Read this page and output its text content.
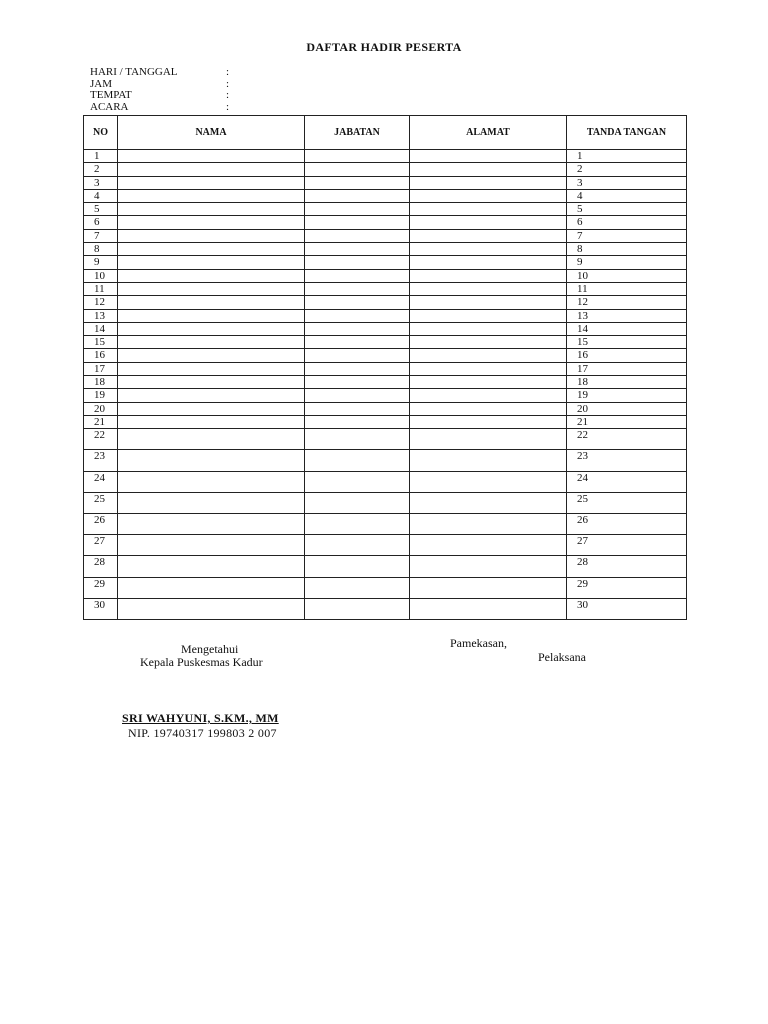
DAFTAR HADIR PESERTA
HARI / TANGGAL	:
JAM	:
TEMPAT	:
ACARA	:
NO	NAMA	JABATAN	ALAMAT	TANDA TANGAN
1				1
2				2
3				3
4				4
5				5
6				6
7				7
8				8
9				9
10				10
11				11
12				12
13				13
14				14
15				15
16				16
17				17
18				18
19				19
20				20
21				21
22				22
23				23
24				24
25				25
26				26
27				27
28				28
29				29
30				30
Mengetahui
Kepala Puskesmas Kadur
Pamekasan,
Pelaksana
SRI WAHYUNI, S.KM., MM
NIP. 19740317 199803 2 007
